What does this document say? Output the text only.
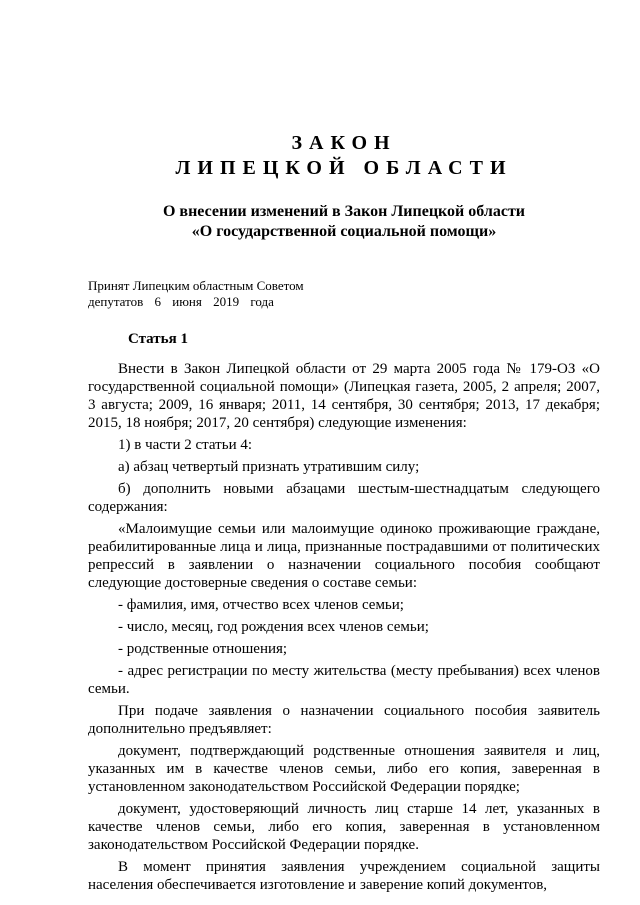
ЗАКОН
ЛИПЕЦКОЙ ОБЛАСТИ
О внесении изменений в Закон Липецкой области
«О государственной социальной помощи»

Принят Липецким областным Советом

депутатов 6 июня 2019 года

Статья 1

Внести в Закон Липецкой области от 29 марта 2005 года № 179-ОЗ «О государственной социальной помощи» (Липецкая газета, 2005, 2 апреля; 2007, 3 августа; 2009, 16 января; 2011, 14 сентября, 30 сентября; 2013, 17 декабря; 2015, 18 ноября; 2017, 20 сентября) следующие изменения:

1) в части 2 статьи 4:

а) абзац четвертый признать утратившим силу;

б) дополнить новыми абзацами шестым-шестнадцатым следующего содержания:

«Малоимущие семьи или малоимущие одиноко проживающие граждане, реабилитированные лица и лица, признанные пострадавшими от политических репрессий в заявлении о назначении социального пособия сообщают следующие достоверные сведения о составе семьи:

- фамилия, имя, отчество всех членов семьи;

- число, месяц, год рождения всех членов семьи;

- родственные отношения;

- адрес регистрации по месту жительства (месту пребывания) всех членов семьи.

При подаче заявления о назначении социального пособия заявитель дополнительно предъявляет:

документ, подтверждающий родственные отношения заявителя и лиц, указанных им в качестве членов семьи, либо его копия, заверенная в установленном законодательством Российской Федерации порядке;

документ, удостоверяющий личность лиц старше 14 лет, указанных в качестве членов семьи, либо его копия, заверенная в установленном законодательством Российской Федерации порядке.

В момент принятия заявления учреждением социальной защиты населения обеспечивается изготовление и заверение копий документов,
